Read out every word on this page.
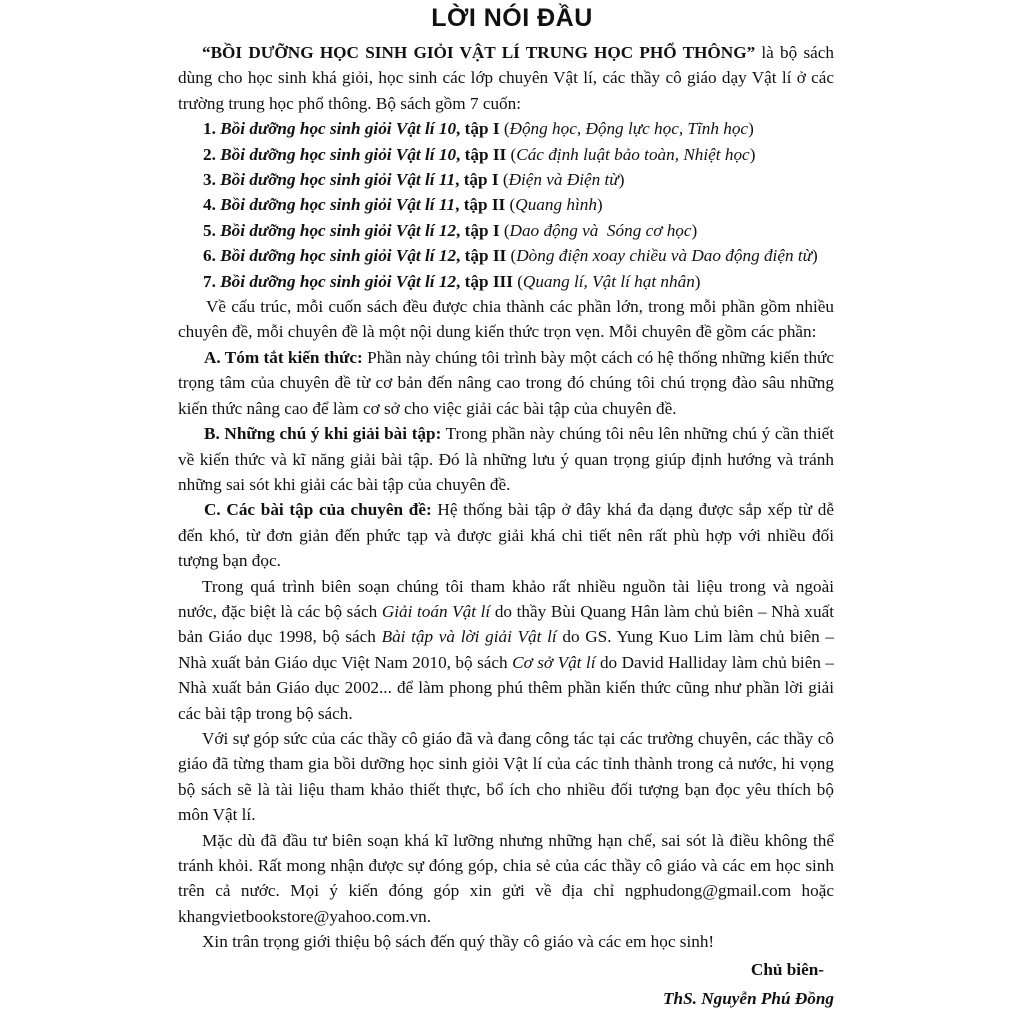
LỜI NÓI ĐẦU

“BỒI DƯỠNG HỌC SINH GIỎI VẬT LÍ TRUNG HỌC PHỔ THÔNG” là bộ sách dùng cho học sinh khá giỏi, học sinh các lớp chuyên Vật lí, các thầy cô giáo dạy Vật lí ở các trường trung học phổ thông. Bộ sách gồm 7 cuốn:

1. Bồi dưỡng học sinh giỏi Vật lí 10, tập I (Động học, Động lực học, Tĩnh học)
2. Bồi dưỡng học sinh giỏi Vật lí 10, tập II (Các định luật bảo toàn, Nhiệt học)
3. Bồi dưỡng học sinh giỏi Vật lí 11, tập I (Điện và Điện từ)
4. Bồi dưỡng học sinh giỏi Vật lí 11, tập II (Quang hình)
5. Bồi dưỡng học sinh giỏi Vật lí 12, tập I (Dao động và  Sóng cơ học)
6. Bồi dưỡng học sinh giỏi Vật lí 12, tập II (Dòng điện xoay chiều và Dao động điện từ)
7. Bồi dưỡng học sinh giỏi Vật lí 12, tập III (Quang lí, Vật lí hạt nhân)

Về cấu trúc, mỗi cuốn sách đều được chia thành các phần lớn, trong mỗi phần gồm nhiều chuyên đề, mỗi chuyên đề là một nội dung kiến thức trọn vẹn. Mỗi chuyên đề gồm các phần:

A. Tóm tắt kiến thức: Phần này chúng tôi trình bày một cách có hệ thống những kiến thức trọng tâm của chuyên đề từ cơ bản đến nâng cao trong đó chúng tôi chú trọng đào sâu những kiến thức nâng cao để làm cơ sở cho việc giải các bài tập của chuyên đề.

B. Những chú ý khi giải bài tập: Trong phần này chúng tôi nêu lên những chú ý cần thiết về kiến thức và kĩ năng giải bài tập. Đó là những lưu ý quan trọng giúp định hướng và tránh những sai sót khi giải các bài tập của chuyên đề.

C. Các bài tập của chuyên đề: Hệ thống bài tập ở đây khá đa dạng được sắp xếp từ dễ đến khó, từ đơn giản đến phức tạp và được giải khá chi tiết nên rất phù hợp với nhiều đối tượng bạn đọc.

Trong quá trình biên soạn chúng tôi tham khảo rất nhiều nguồn tài liệu trong và ngoài nước, đặc biệt là các bộ sách Giải toán Vật lí do thầy Bùi Quang Hân làm chủ biên – Nhà xuất bản Giáo dục 1998, bộ sách Bài tập và lời giải Vật lí do GS. Yung Kuo Lim làm chủ biên – Nhà xuất bản Giáo dục Việt Nam 2010, bộ sách Cơ sở Vật lí do David Halliday làm chủ biên – Nhà xuất bản Giáo dục 2002... để làm phong phú thêm phần kiến thức cũng như phần lời giải các bài tập trong bộ sách.

Với sự góp sức của các thầy cô giáo đã và đang công tác tại các trường chuyên, các thầy cô giáo đã từng tham gia bồi dưỡng học sinh giỏi Vật lí của các tỉnh thành trong cả nước, hi vọng bộ sách sẽ là tài liệu tham khảo thiết thực, bổ ích cho nhiều đối tượng bạn đọc yêu thích bộ môn Vật lí.

Mặc dù đã đầu tư biên soạn khá kĩ lưỡng nhưng những hạn chế, sai sót là điều không thể tránh khỏi. Rất mong nhận được sự đóng góp, chia sẻ của các thầy cô giáo và các em học sinh trên cả nước. Mọi ý kiến đóng góp xin gửi về địa chỉ ngphudong@gmail.com hoặc khangvietbookstore@yahoo.com.vn.

Xin trân trọng giới thiệu bộ sách đến quý thầy cô giáo và các em học sinh!

Chủ biên-
ThS. Nguyễn Phú Đồng
